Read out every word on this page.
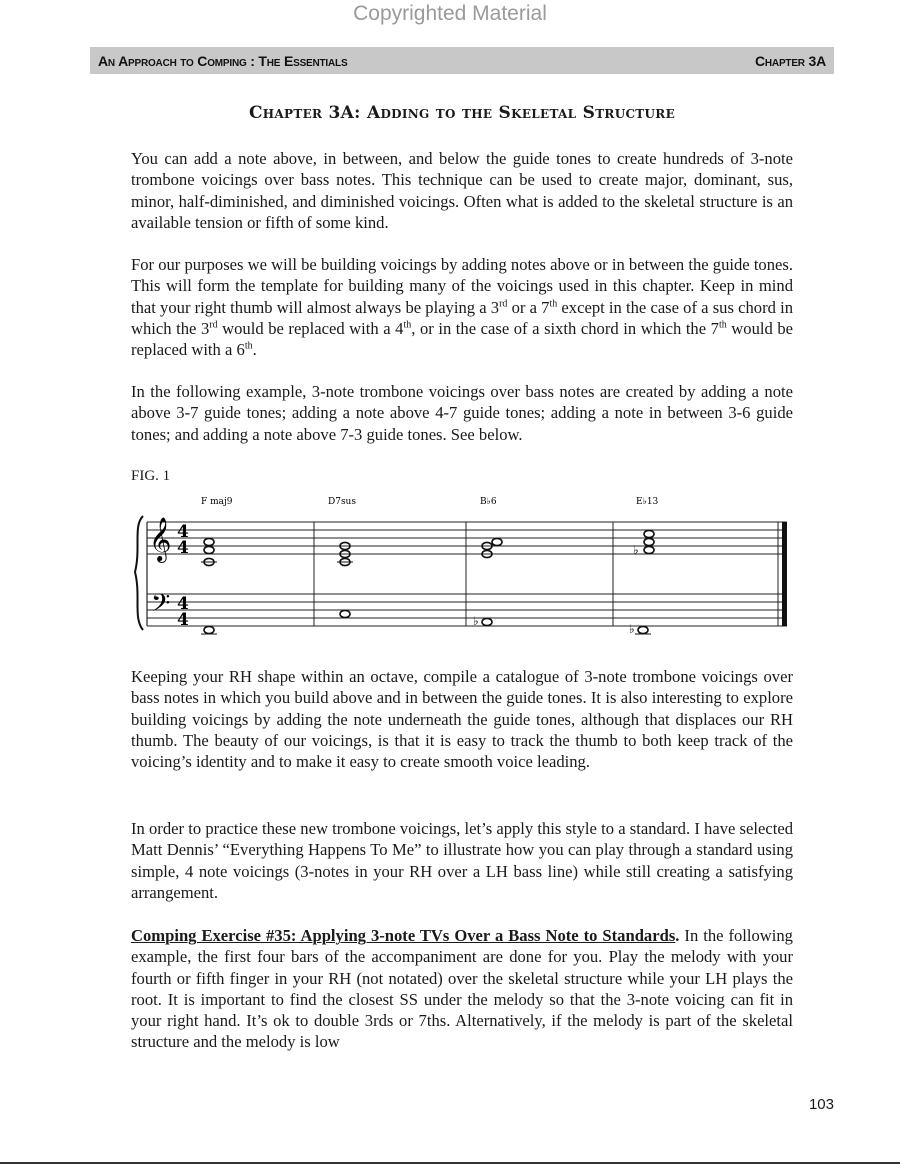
Copyrighted Material
An Approach to Comping : The Essentials	Chapter 3A
Chapter 3A: Adding to the Skeletal Structure

You can add a note above, in between, and below the guide tones to create hundreds of 3-note trombone voicings over bass notes. This technique can be used to create major, dominant, sus, minor, half-diminished, and diminished voicings. Often what is added to the skeletal structure is an available tension or fifth of some kind.

For our purposes we will be building voicings by adding notes above or in between the guide tones. This will form the template for building many of the voicings used in this chapter. Keep in mind that your right thumb will almost always be playing a 3rd or a 7th except in the case of a sus chord in which the 3rd would be replaced with a 4th, or in the case of a sixth chord in which the 7th would be replaced with a 6th.

In the following example, 3-note trombone voicings over bass notes are created by adding a note above 3-7 guide tones; adding a note above 4-7 guide tones; adding a note in between 3-6 guide tones; and adding a note above 7-3 guide tones. See below.

FIG. 1
F maj9	D7sus	B♭6	E♭13
𝄞
𝄢
4
4
4
4	♭
♭
♭

Keeping your RH shape within an octave, compile a catalogue of 3-note trombone voicings over bass notes in which you build above and in between the guide tones. It is also interesting to explore building voicings by adding the note underneath the guide tones, although that displaces our RH thumb. The beauty of our voicings, is that it is easy to track the thumb to both keep track of the voicing’s identity and to make it easy to create smooth voice leading.

In order to practice these new trombone voicings, let’s apply this style to a standard. I have selected Matt Dennis’ “Everything Happens To Me” to illustrate how you can play through a standard using simple, 4 note voicings (3-notes in your RH over a LH bass line) while still creating a satisfying arrangement.

Comping Exercise #35: Applying 3-note TVs Over a Bass Note to Standards. In the following example, the first four bars of the accompaniment are done for you. Play the melody with your fourth or fifth finger in your RH (not notated) over the skeletal structure while your LH plays the root. It is important to find the closest SS under the melody so that the 3-note voicing can fit in your right hand. It’s ok to double 3rds or 7ths. Alternatively, if the melody is part of the skeletal structure and the melody is low

103
